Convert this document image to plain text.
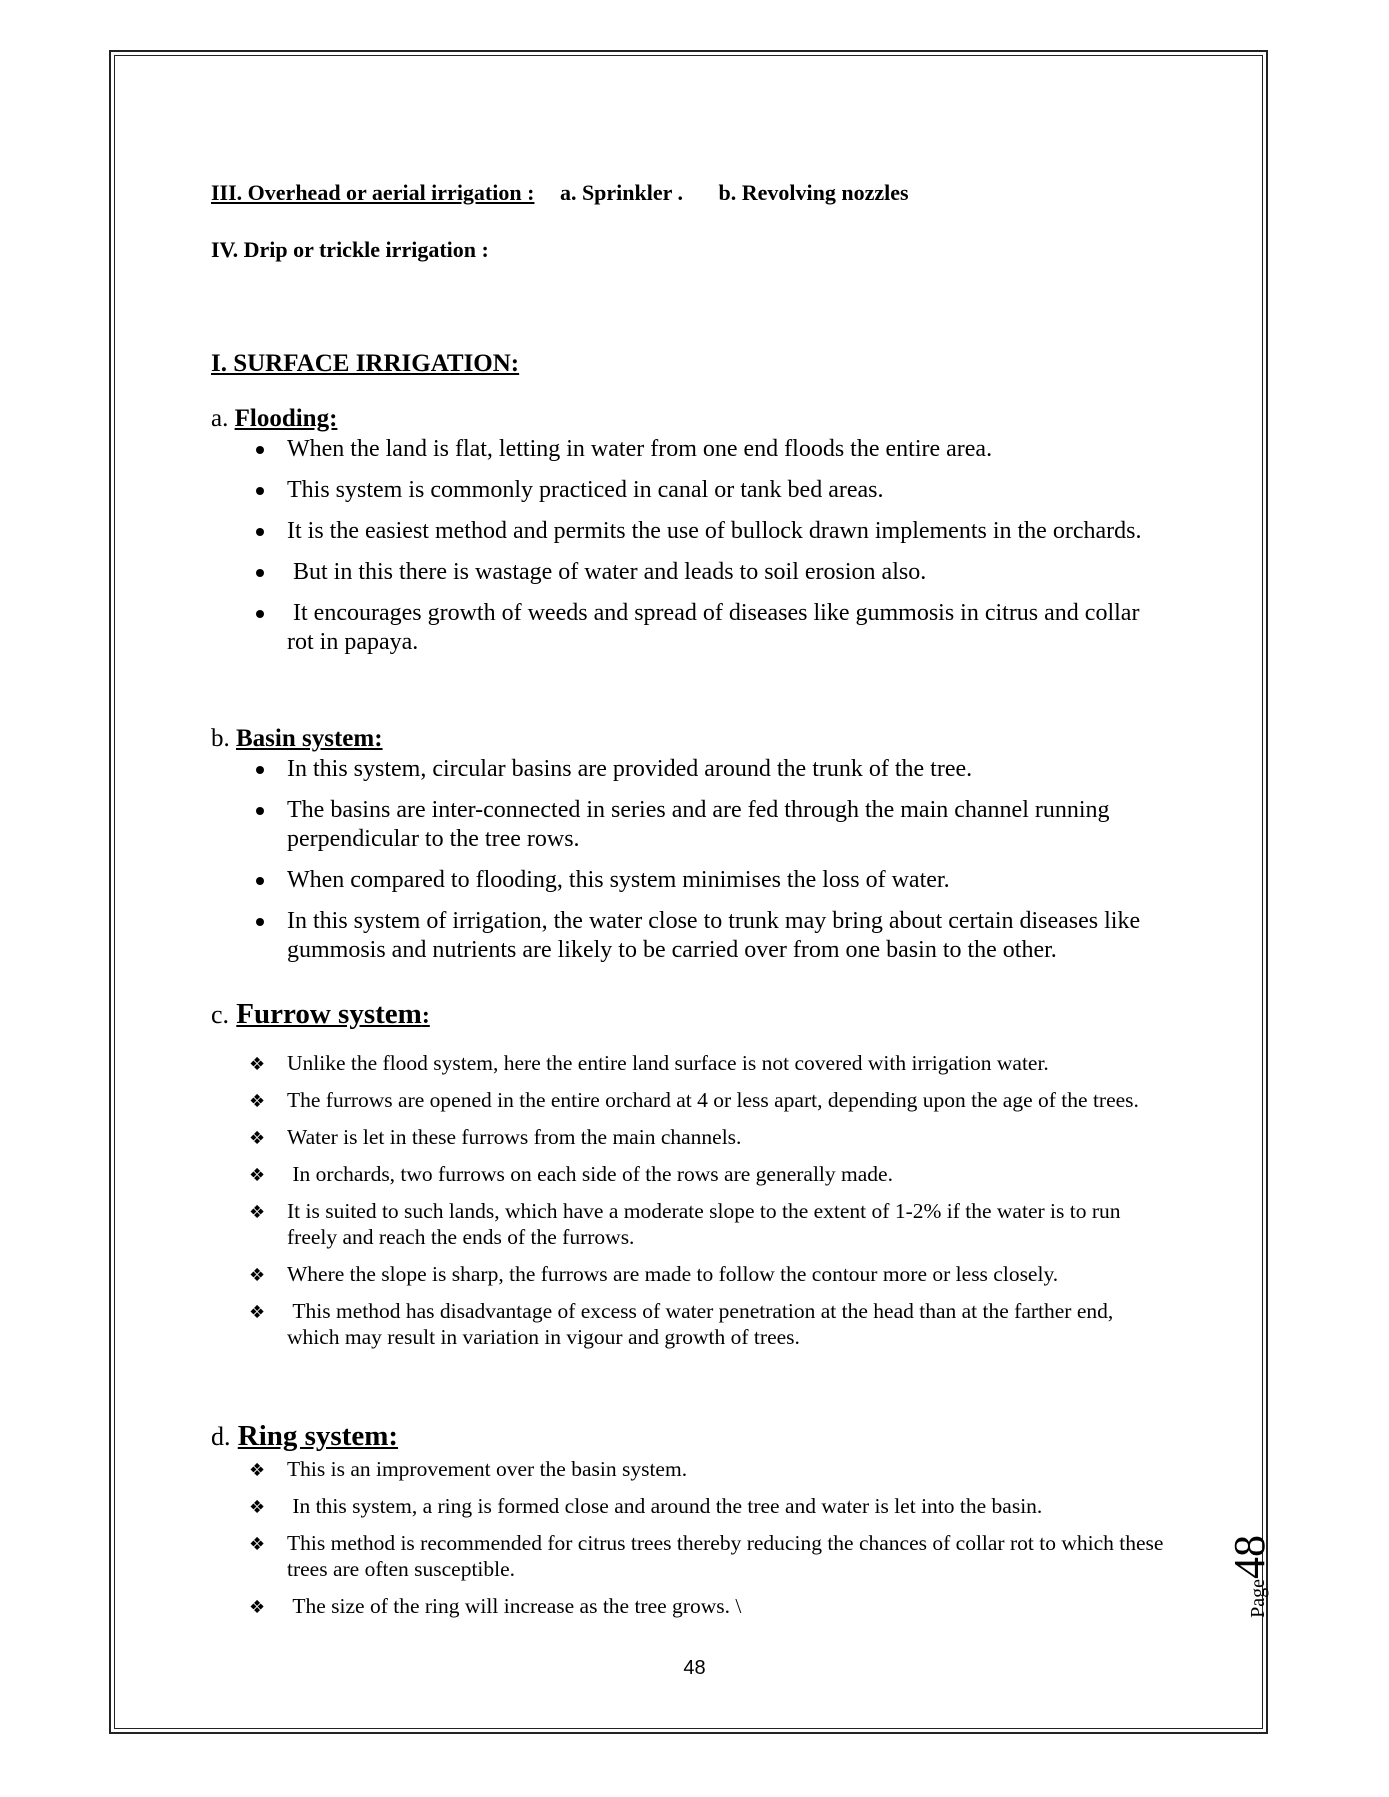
III. Overhead or aerial irrigation : a. Sprinkler . b. Revolving nozzles
IV. Drip or trickle irrigation :
I. SURFACE IRRIGATION:
a. Flooding:
When the land is flat, letting in water from one end floods the entire area.
This system is commonly practiced in canal or tank bed areas.
It is the easiest method and permits the use of bullock drawn implements in the orchards.
But in this there is wastage of water and leads to soil erosion also.
It encourages growth of weeds and spread of diseases like gummosis in citrus and collar rot in papaya.
b. Basin system:
In this system, circular basins are provided around the trunk of the tree.
The basins are inter-connected in series and are fed through the main channel running perpendicular to the tree rows.
When compared to flooding, this system minimises the loss of water.
In this system of irrigation, the water close to trunk may bring about certain diseases like gummosis and nutrients are likely to be carried over from one basin to the other.
c. Furrow system:
❖ Unlike the flood system, here the entire land surface is not covered with irrigation water.
❖ The furrows are opened in the entire orchard at 4 or less apart, depending upon the age of the trees.
❖ Water is let in these furrows from the main channels.
❖ In orchards, two furrows on each side of the rows are generally made.
❖ It is suited to such lands, which have a moderate slope to the extent of 1-2% if the water is to run freely and reach the ends of the furrows.
❖ Where the slope is sharp, the furrows are made to follow the contour more or less closely.
❖ This method has disadvantage of excess of water penetration at the head than at the farther end, which may result in variation in vigour and growth of trees.
d. Ring system:
❖ This is an improvement over the basin system.
❖ In this system, a ring is formed close and around the tree and water is let into the basin.
❖ This method is recommended for citrus trees thereby reducing the chances of collar rot to which these trees are often susceptible.
❖ The size of the ring will increase as the tree grows. \
48
Page48
